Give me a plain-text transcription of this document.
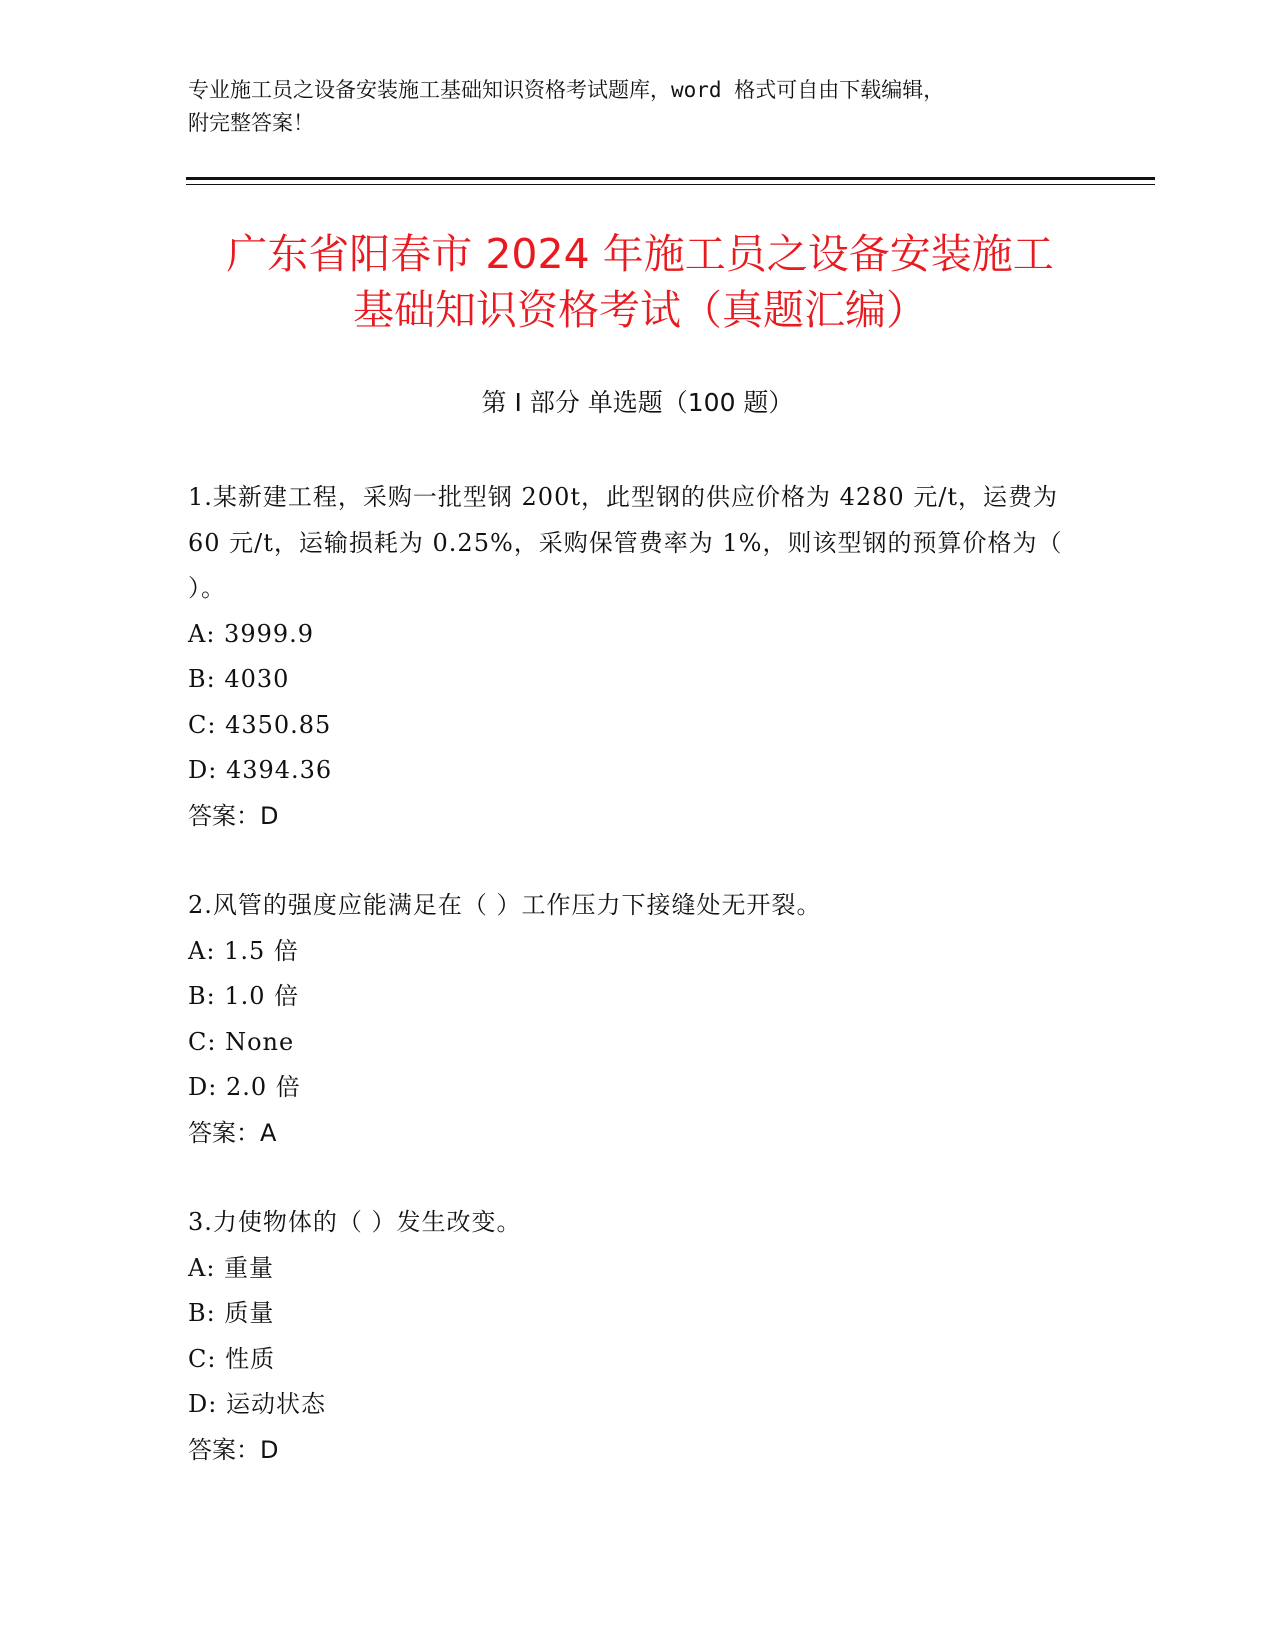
专业施工员之设备安装施工基础知识资格考试题库，word 格式可自由下载编辑，
附完整答案！
广东省阳春市 2024 年施工员之设备安装施工
基础知识资格考试（真题汇编）
第 I 部分 单选题（100 题）

1.某新建工程，采购一批型钢 200t，此型钢的供应价格为 4280 元/t，运费为 60 元/t，运输损耗为 0.25%，采购保管费率为 1%，则该型钢的预算价格为（ ）。

A: 3999.9

B: 4030

C: 4350.85

D: 4394.36

答案：D

2.风管的强度应能满足在（ ）工作压力下接缝处无开裂。

A: 1.5 倍

B: 1.0 倍

C: None

D: 2.0 倍

答案：A

3.力使物体的（ ）发生改变。

A: 重量

B: 质量

C: 性质

D: 运动状态

答案：D
